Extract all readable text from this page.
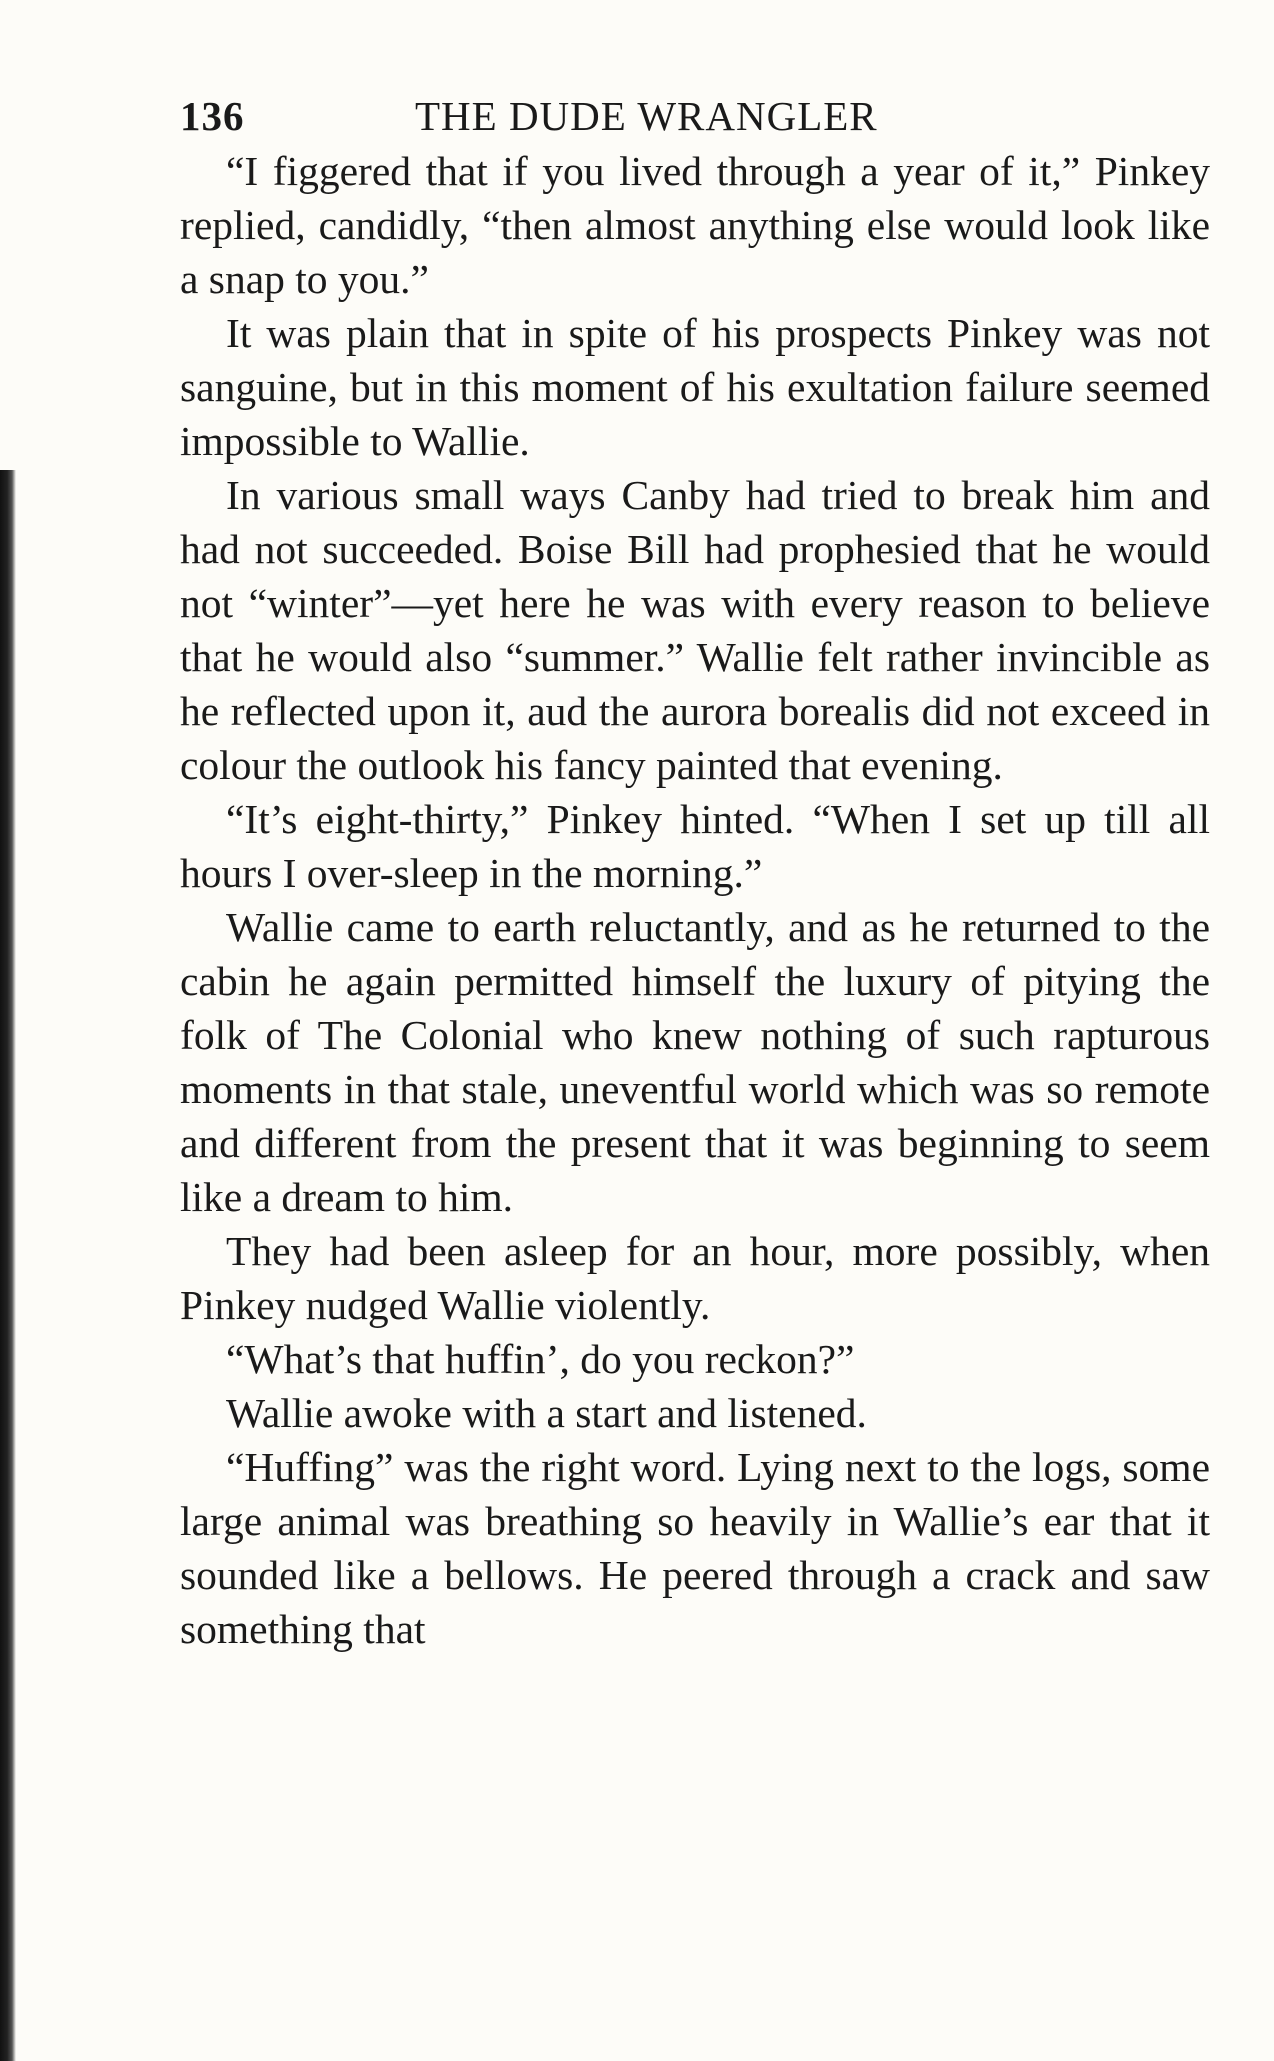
136	THE DUDE WRANGLER

“I figgered that if you lived through a year of it,” Pinkey replied, candidly, “then almost anything else would look like a snap to you.”

It was plain that in spite of his prospects Pinkey was not sanguine, but in this moment of his exultation failure seemed impossible to Wallie.

In various small ways Canby had tried to break him and had not succeeded. Boise Bill had prophesied that he would not “winter”—yet here he was with every reason to believe that he would also “summer.” Wallie felt rather invincible as he reflected upon it, aud the aurora borealis did not exceed in colour the outlook his fancy painted that evening.

“It’s eight-thirty,” Pinkey hinted. “When I set up till all hours I over-sleep in the morning.”

Wallie came to earth reluctantly, and as he returned to the cabin he again permitted himself the luxury of pitying the folk of The Colonial who knew nothing of such rapturous moments in that stale, uneventful world which was so remote and different from the present that it was beginning to seem like a dream to him.

They had been asleep for an hour, more possibly, when Pinkey nudged Wallie violently.

“What’s that huffin’, do you reckon?”

Wallie awoke with a start and listened.

“Huffing” was the right word. Lying next to the logs, some large animal was breathing so heavily in Wallie’s ear that it sounded like a bellows. He peered through a crack and saw something that
